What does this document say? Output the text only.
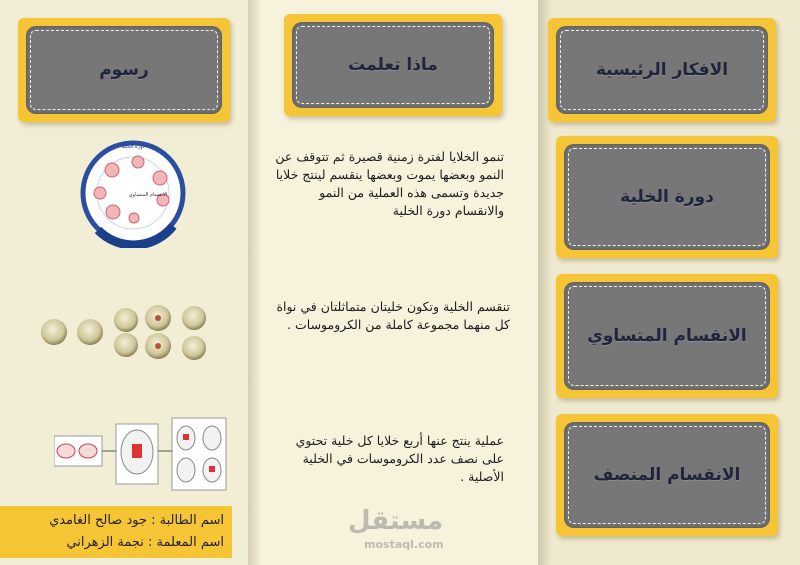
رسوم
دورة الخلية
الانقسام المتساوي
التكاثر الجنسي
اسم الطالبة : جود صالح الغامدي
اسم المعلمة : نجمة الزهراني
ماذا تعلمت
تنمو الخلايا لفترة زمنية قصيرة ثم تتوقف عن النمو وبعضها يموت وبعضها ينقسم لينتج خلايا جديدة وتسمى هذه العملية من النمو والانقسام دورة الخلية
تنقسم الخلية وتكون خليتان متماثلتان في نواة كل منهما مجموعة كاملة من الكروموسات .
عملية ينتج عنها أربع خلايا كل خلية تحتوي على نصف عدد الكروموسات في الخلية الأصلية .
مستقل
mostaql.com
الافكار الرئيسية
دورة الخلية
الانقسام المتساوي
الانقسام المنصف
